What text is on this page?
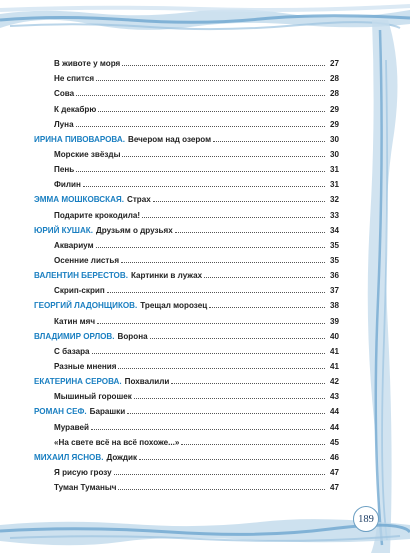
В животе у моря	27
Не спится	28
Сова	28
К декабрю	29
Луна	29
ИРИНА ПИВОВАРОВА. Вечером над озером	30
Морские звёзды	30
Пень	31
Филин	31
ЭММА МОШКОВСКАЯ. Страх	32
Подарите крокодила!	33
ЮРИЙ КУШАК. Друзьям о друзьях	34
Аквариум	35
Осенние листья	35
ВАЛЕНТИН БЕРЕСТОВ. Картинки в лужах	36
Скрип-скрип	37
ГЕОРГИЙ ЛАДОНЩИКОВ. Трещал морозец	38
Катин мяч	39
ВЛАДИМИР ОРЛОВ. Ворона	40
С базара	41
Разные мнения	41
ЕКАТЕРИНА СЕРОВА. Похвалили	42
Мышиный горошек	43
РОМАН СЕФ. Барашки	44
Муравей	44
«На свете всё на всё похоже...»	45
МИХАИЛ ЯСНОВ. Дождик	46
Я рисую грозу	47
Туман Туманыч	47
189
